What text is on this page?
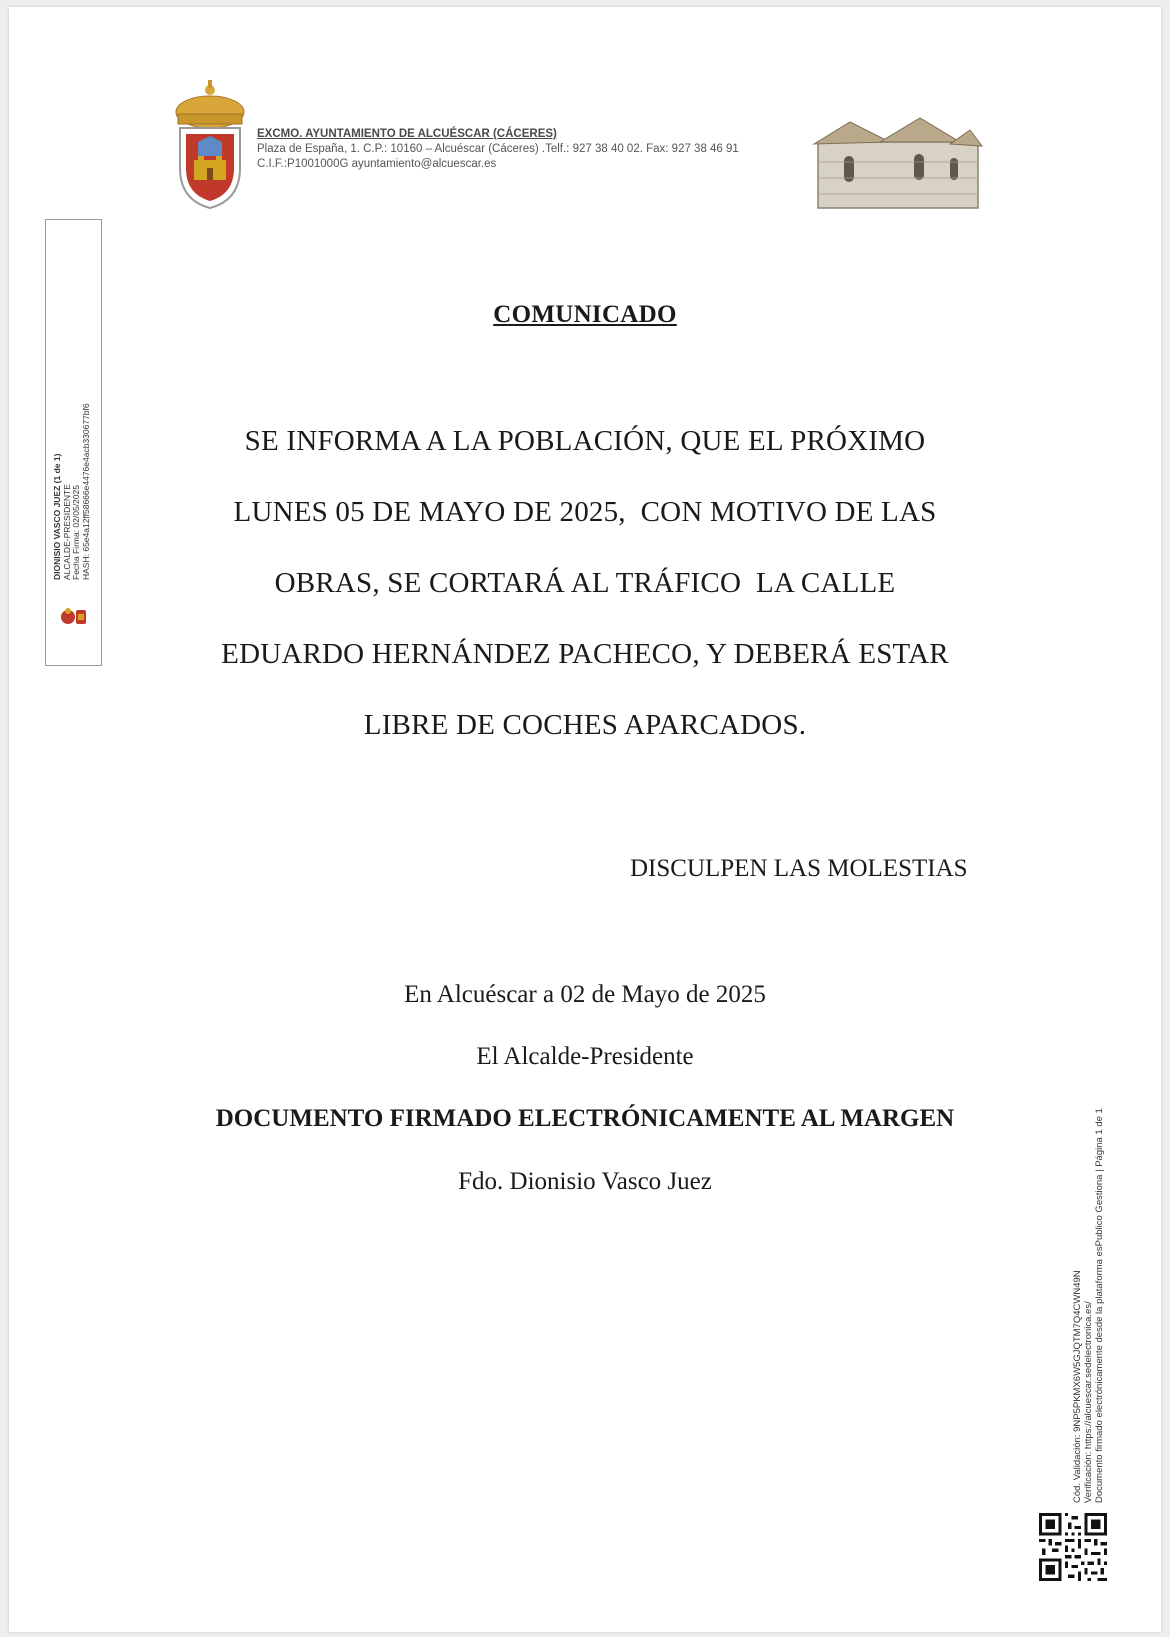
EXCMO. AYUNTAMIENTO DE ALCUÉSCAR (CÁCERES)
Plaza de España, 1. C.P.: 10160 – Alcuéscar (Cáceres) .Telf.: 927 38 40 02. Fax: 927 38 46 91
C.I.F.:P1001000G ayuntamiento@alcuescar.es
DIONISIO VASCO JUEZ (1 de 1) ALCALDE-PRESIDENTE Fecha Firma: 02/05/2025 HASH: 65e4a12ff58666e4476e4acb330677bf6
COMUNICADO
SE INFORMA A LA POBLACIÓN, QUE EL PRÓXIMO
LUNES 05 DE MAYO DE 2025,  CON MOTIVO DE LAS
OBRAS, SE CORTARÁ AL TRÁFICO  LA CALLE
EDUARDO HERNÁNDEZ PACHECO, Y DEBERÁ ESTAR
LIBRE DE COCHES APARCADOS.
DISCULPEN LAS MOLESTIAS
En Alcuéscar a 02 de Mayo de 2025
El Alcalde-Presidente
DOCUMENTO FIRMADO ELECTRÓNICAMENTE AL MARGEN
Fdo. Dionisio Vasco Juez
Cód. Validación: 9NP5PKMX6W5GJQTM7Q4CWN49N Verificación: https://alcuescar.sedelectronica.es/ Documento firmado electrónicamente desde la plataforma esPublico Gestiona | Página 1 de 1
